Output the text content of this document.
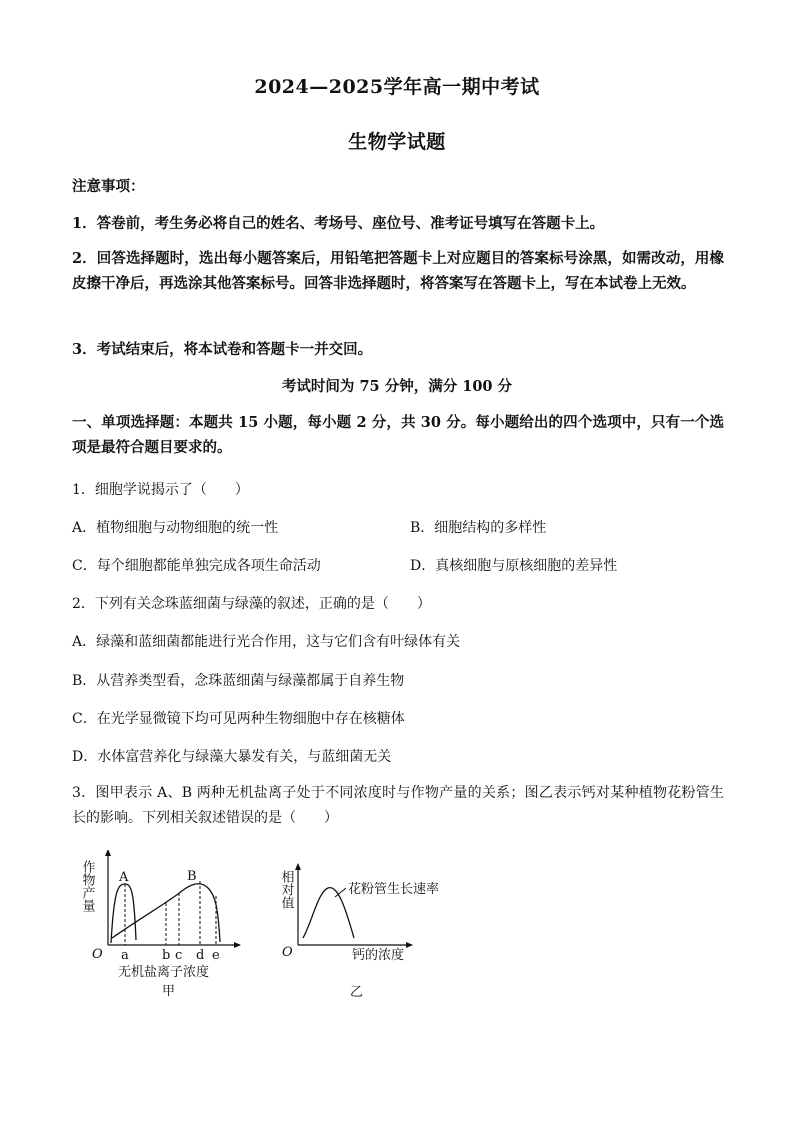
2024—2025学年高一期中考试
生物学试题
注意事项：
1．答卷前，考生务必将自己的姓名、考场号、座位号、准考证号填写在答题卡上。
2．回答选择题时，选出每小题答案后，用铅笔把答题卡上对应题目的答案标号涂黑，如需改动，用橡皮擦干净后，再选涂其他答案标号。回答非选择题时，将答案写在答题卡上，写在本试卷上无效。
3．考试结束后，将本试卷和答题卡一并交回。
考试时间为 75 分钟，满分 100 分
一、单项选择题：本题共 15 小题，每小题 2 分，共 30 分。每小题给出的四个选项中，只有一个选项是最符合题目要求的。
1．细胞学说揭示了（　　）
A．植物细胞与动物细胞的统一性	B．细胞结构的多样性
C．每个细胞都能单独完成各项生命活动	D．真核细胞与原核细胞的差异性
2．下列有关念珠蓝细菌与绿藻的叙述，正确的是（　　）
A．绿藻和蓝细菌都能进行光合作用，这与它们含有叶绿体有关
B．从营养类型看，念珠蓝细菌与绿藻都属于自养生物
C．在光学显微镜下均可见两种生物细胞中存在核糖体
D．水体富营养化与绿藻大暴发有关，与蓝细菌无关
3．图甲表示 A、B 两种无机盐离子处于不同浓度时与作物产量的关系；图乙表示钙对某种植物花粉管生长的影响。下列相关叙述错误的是（　　）
作物产量
O
A	B
a	b c d e
无机盐离子浓度
甲
相对值
O
花粉管生长速率
钙的浓度
乙
